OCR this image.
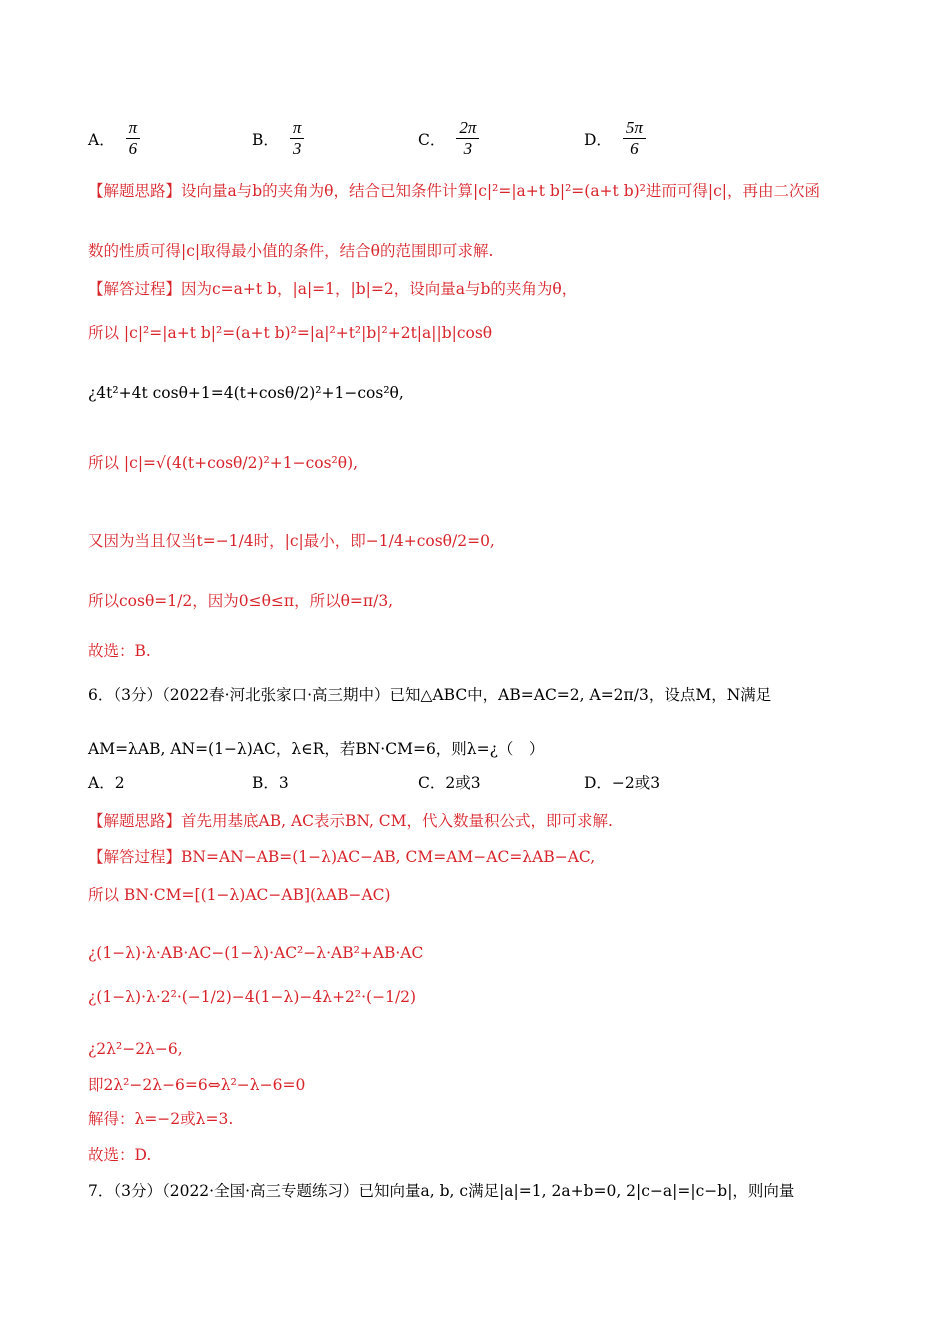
A． $\frac{\pi}{6}$	B． $\frac{\pi}{3}$	C． $\frac{2\pi}{3}$	D． $\frac{5\pi}{6}$
【解题思路】设向量a与b的夹角为θ，结合已知条件计算|c|²=|a+t b|²=(a+t b)²进而可得|c|，再由二次函
数的性质可得|c|取得最小值的条件，结合θ的范围即可求解.
【解答过程】因为c=a+t b，|a|=1，|b|=2，设向量a与b的夹角为θ，
所以 |c|²=|a+t b|²=(a+t b)²=|a|²+t²|b|²+2t|a||b|cosθ
¿4t²+4t cosθ+1=4(t+cosθ/2)²+1−cos²θ,
所以 |c|=√(4(t+cosθ/2)²+1−cos²θ),
又因为当且仅当t=−1/4时，|c|最小，即−1/4+cosθ/2=0,
所以cosθ=1/2，因为0≤θ≤π，所以θ=π/3,
故选：B.
6．（3分）（2022春·河北张家口·高三期中）已知△ABC中，AB=AC=2, A=2π/3，设点M，N满足
AM=λAB, AN=(1−λ)AC，λ∈R，若BN·CM=6，则λ=¿（　）
A．2	B．3	C．2或3	D．−2或3
【解题思路】首先用基底AB, AC表示BN, CM，代入数量积公式，即可求解.
【解答过程】BN=AN−AB=(1−λ)AC−AB, CM=AM−AC=λAB−AC,
所以 BN·CM=[(1−λ)AC−AB](λAB−AC)
¿(1−λ)·λ·AB·AC−(1−λ)·AC²−λ·AB²+AB·AC
¿(1−λ)·λ·2²·(−1/2)−4(1−λ)−4λ+2²·(−1/2)
¿2λ²−2λ−6,
即2λ²−2λ−6=6⇔λ²−λ−6=0
解得：λ=−2或λ=3.
故选：D.
7．（3分）（2022·全国·高三专题练习）已知向量a, b, c满足|a|=1, 2a+b=0, 2|c−a|=|c−b|，则向量
